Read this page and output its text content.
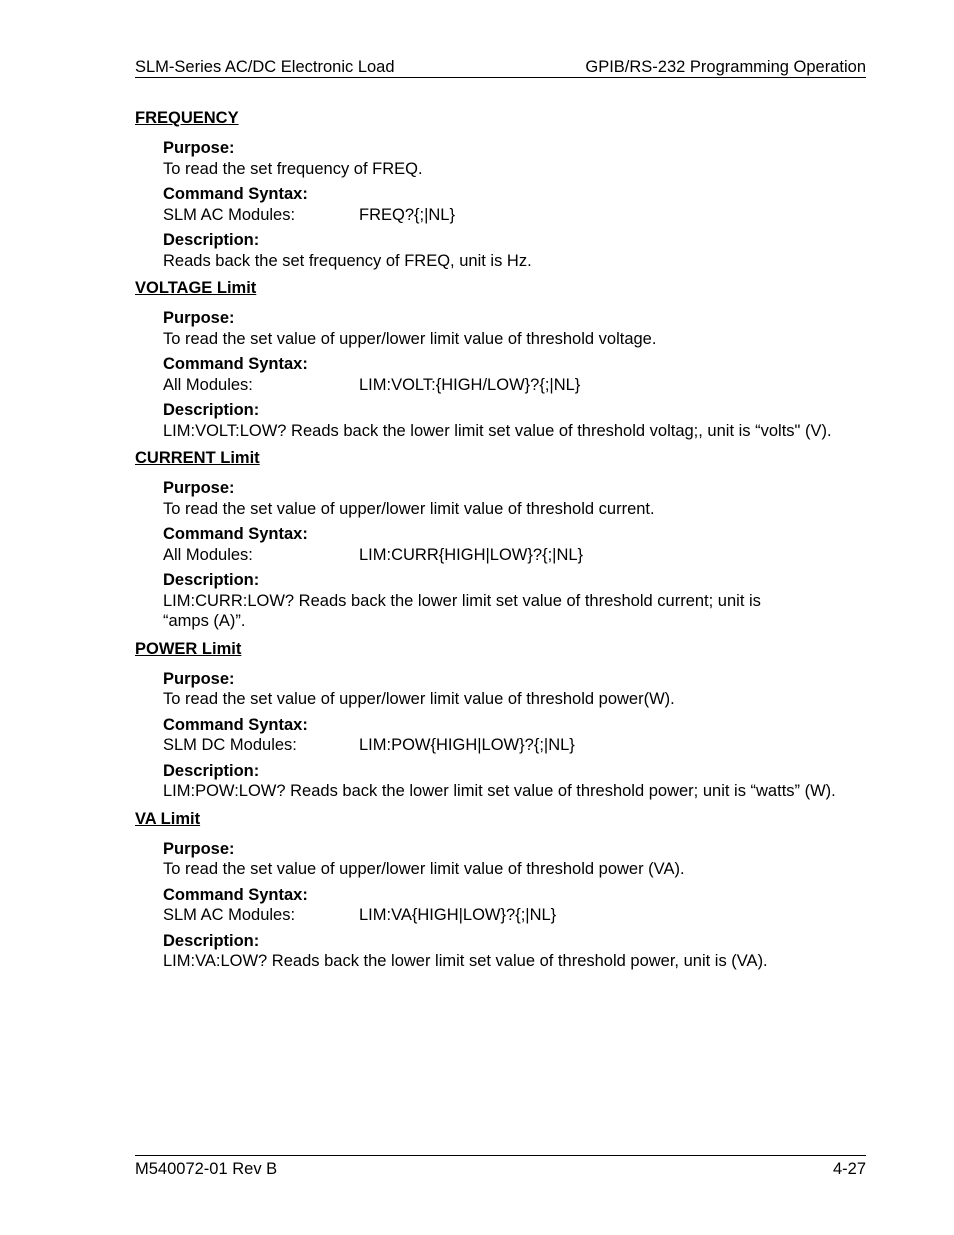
SLM-Series AC/DC Electronic Load	GPIB/RS-232 Programming Operation
FREQUENCY
Purpose:
To read the set frequency of FREQ.
Command Syntax:
SLM AC Modules:	FREQ?{;|NL}
Description:
Reads back the set frequency of FREQ, unit is Hz.
VOLTAGE Limit
Purpose:
To read the set value of upper/lower limit value of threshold voltage.
Command Syntax:
All Modules:	LIM:VOLT:{HIGH/LOW}?{;|NL}
Description:
LIM:VOLT:LOW? Reads back the lower limit set value of threshold voltag;, unit is “volts" (V).
CURRENT Limit
Purpose:
To read the set value of upper/lower limit value of threshold current.
Command Syntax:
All Modules:	LIM:CURR{HIGH|LOW}?{;|NL}
Description:
LIM:CURR:LOW? Reads back the lower limit set value of threshold current; unit is
“amps (A)”.
POWER Limit
Purpose:
To read the set value of upper/lower limit value of threshold power(W).
Command Syntax:
SLM DC Modules:	LIM:POW{HIGH|LOW}?{;|NL}
Description:
LIM:POW:LOW? Reads back the lower limit set value of threshold power; unit is “watts” (W).
VA Limit
Purpose:
To read the set value of upper/lower limit value of threshold power (VA).
Command Syntax:
SLM AC Modules:	LIM:VA{HIGH|LOW}?{;|NL}
Description:
LIM:VA:LOW? Reads back the lower limit set value of threshold power, unit is (VA).
M540072-01 Rev B	4-27
